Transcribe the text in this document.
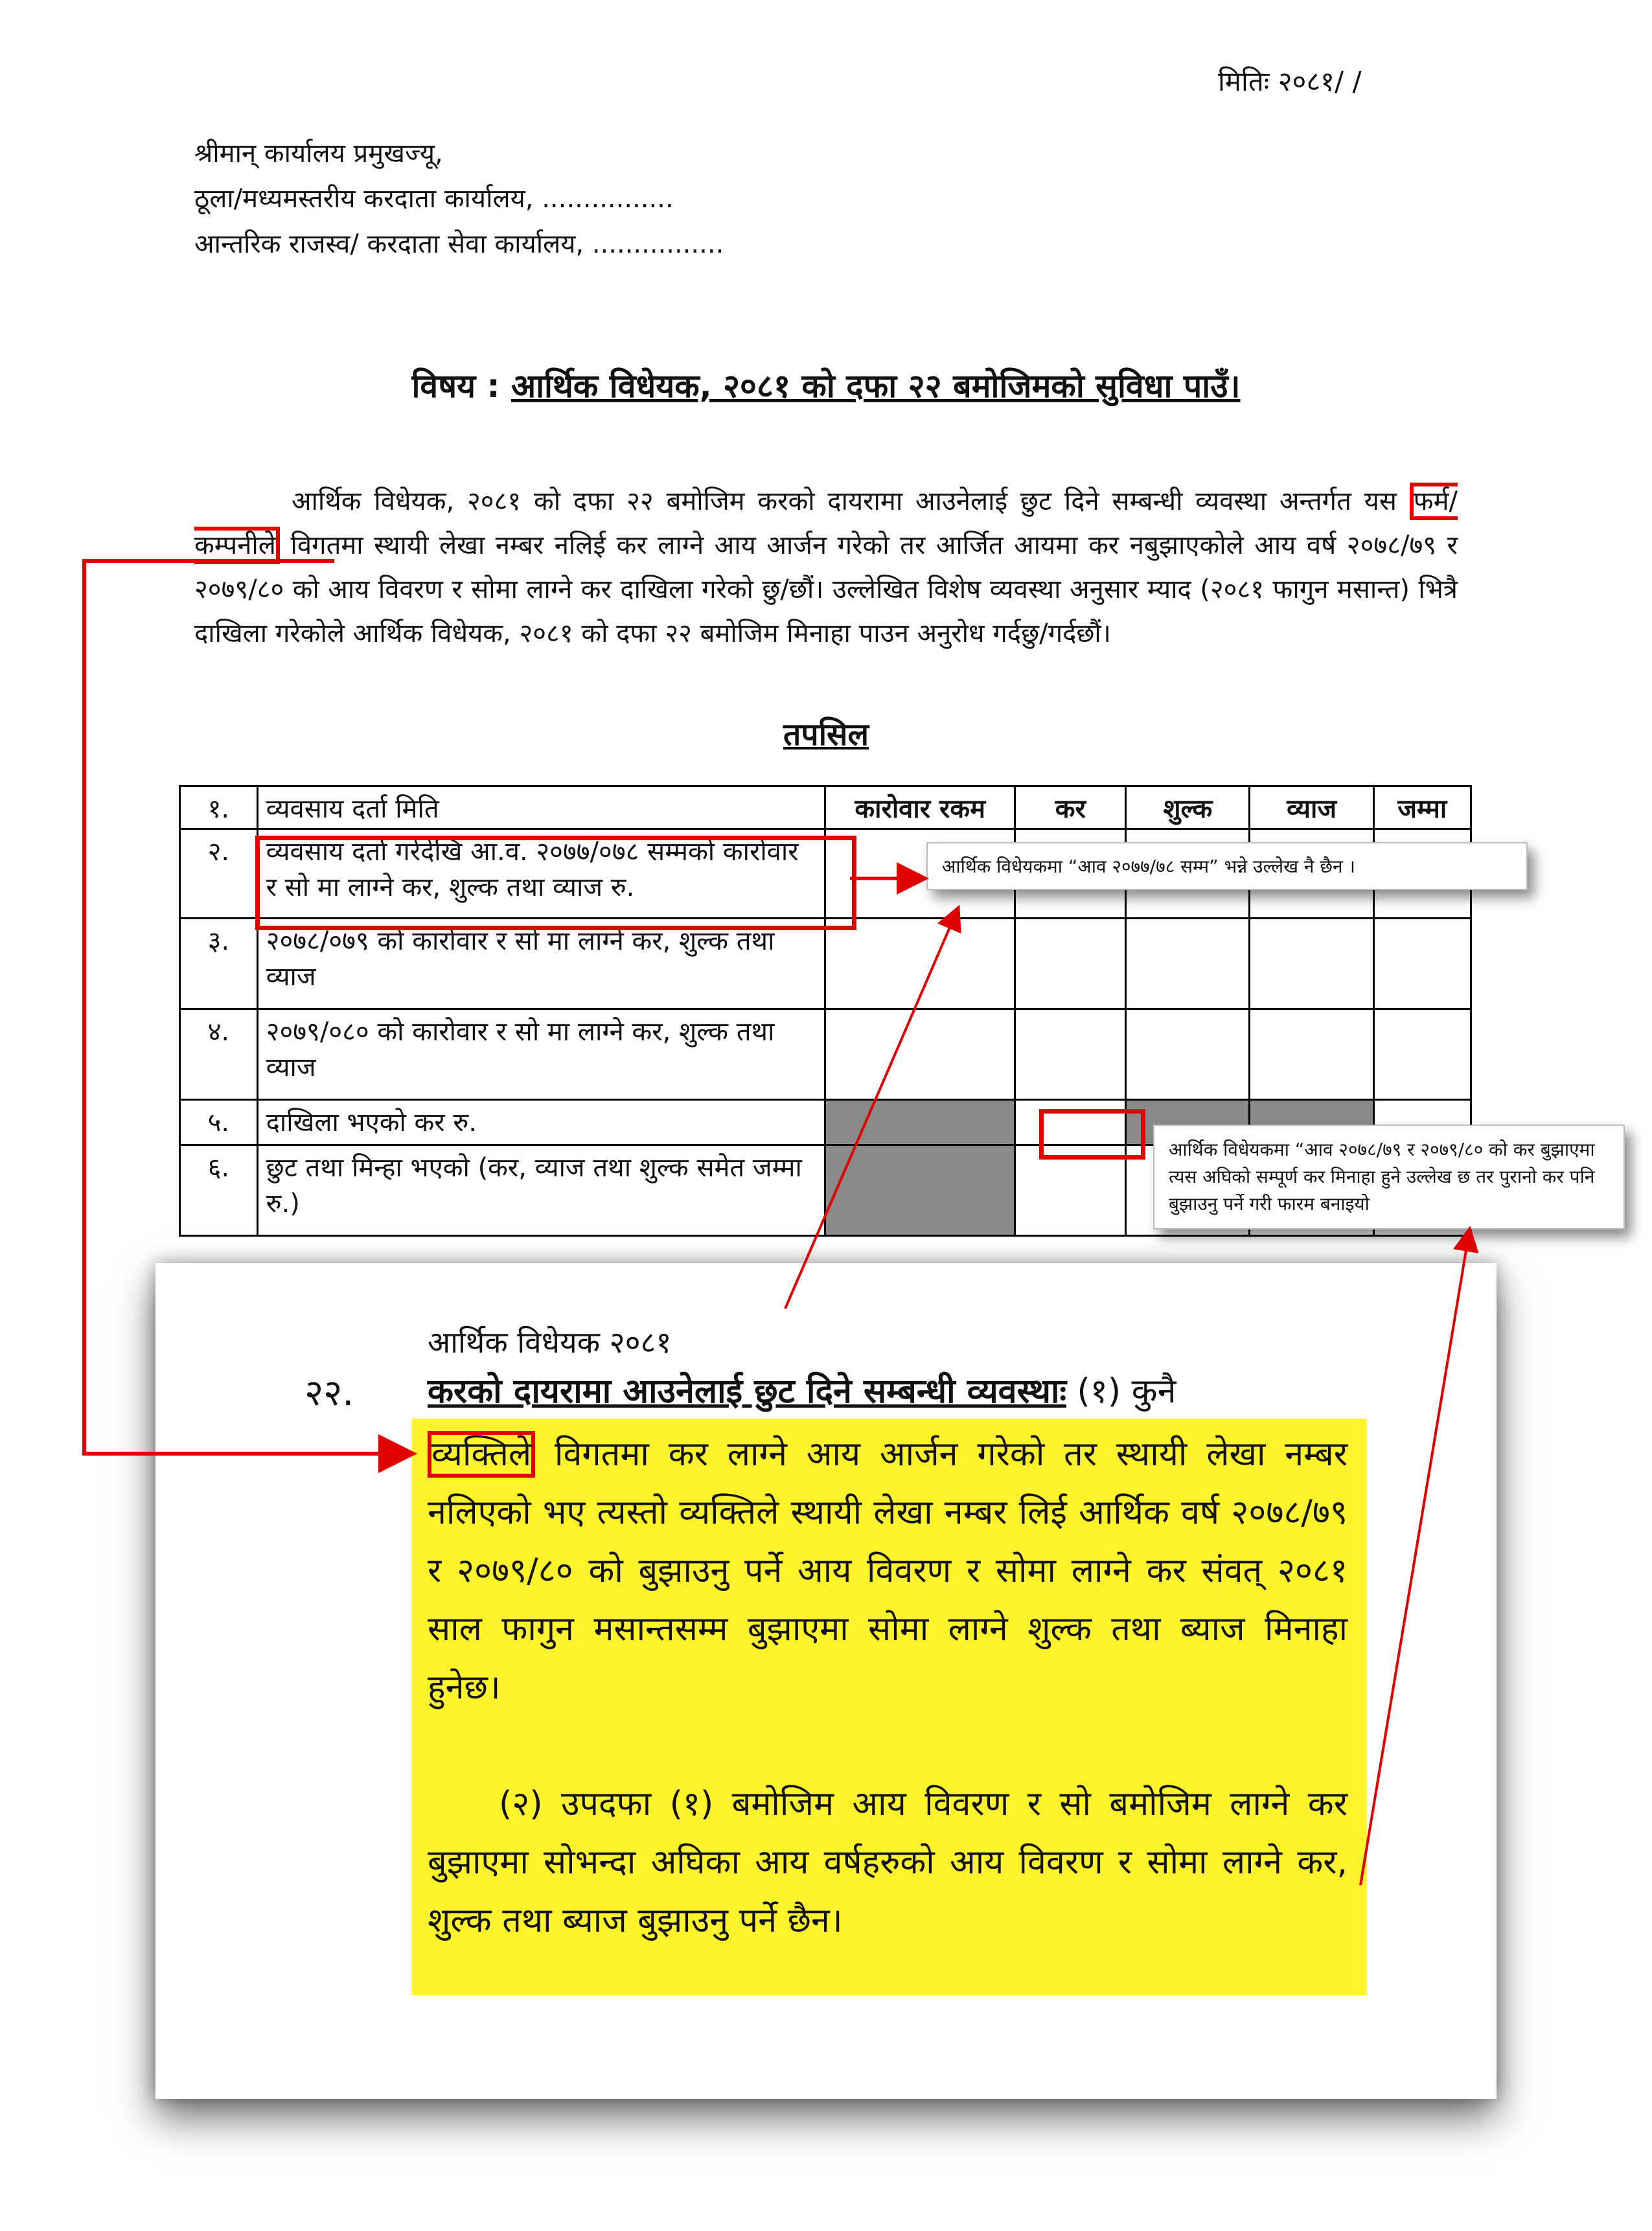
मितिः २०८१/ /
श्रीमान् कार्यालय प्रमुखज्यू,
ठूला/मध्यमस्तरीय करदाता कार्यालय, ................
आन्तरिक राजस्व/ करदाता सेवा कार्यालय, ................
विषय : आर्थिक विधेयक, २०८१ को दफा २२ बमोजिमको सुविधा पाउँ।
आर्थिक विधेयक, २०८१ को दफा २२ बमोजिम करको दायरामा आउनेलाई छुट दिने सम्बन्धी व्यवस्था अन्तर्गत यस फर्म/कम्पनीले विगतमा स्थायी लेखा नम्बर नलिई कर लाग्ने आय आर्जन गरेको तर आर्जित आयमा कर नबुझाएकोले आय वर्ष २०७८/७९ र २०७९/८० को आय विवरण र सोमा लाग्ने कर दाखिला गरेको छु/छौं। उल्लेखित विशेष व्यवस्था अनुसार म्याद (२०८१ फागुन मसान्त) भित्रै दाखिला गरेकोले आर्थिक विधेयक, २०८१ को दफा २२ बमोजिम मिनाहा पाउन अनुरोध गर्दछु/गर्दछौं।
तपसिल
१.	व्यवसाय दर्ता मिति	कारोवार रकम	कर	शुल्क	व्याज	जम्मा
२.	व्यवसाय दर्ता गरेदेखि आ.व. २०७७/०७८ सम्मको कारोवार र सो मा लाग्ने कर, शुल्क तथा व्याज रु.					
३.	२०७८/०७९ को कारोवार र सो मा लाग्ने कर, शुल्क तथा व्याज					
४.	२०७९/०८० को कारोवार र सो मा लाग्ने कर, शुल्क तथा व्याज					
५.	दाखिला भएको कर रु.					
६.	छुट तथा मिन्हा भएको (कर, व्याज तथा शुल्क समेत जम्मा रु.)					
आर्थिक विधेयकमा “आव २०७७/७८ सम्म” भन्ने उल्लेख नै छैन ।
आर्थिक विधेयकमा “आव २०७८/७९ र २०७९/८० को कर बुझाएमा त्यस अघिको सम्पूर्ण कर मिनाहा हुने उल्लेख छ तर पुरानो कर पनि बुझाउनु पर्ने गरी फारम बनाइयो
आर्थिक विधेयक २०८१
२२. करको दायरामा आउनेलाई छुट दिने सम्बन्धी व्यवस्थाः (१) कुनै
व्यक्तिले विगतमा कर लाग्ने आय आर्जन गरेको तर स्थायी लेखा नम्बर नलिएको भए त्यस्तो व्यक्तिले स्थायी लेखा नम्बर लिई आर्थिक वर्ष २०७८/७९ र २०७९/८० को बुझाउनु पर्ने आय विवरण र सोमा लाग्ने कर संवत् २०८१ साल फागुन मसान्तसम्म बुझाएमा सोमा लाग्ने शुल्क तथा ब्याज मिनाहा हुनेछ।
(२) उपदफा (१) बमोजिम आय विवरण र सो बमोजिम लाग्ने कर बुझाएमा सोभन्दा अघिका आय वर्षहरुको आय विवरण र सोमा लाग्ने कर, शुल्क तथा ब्याज बुझाउनु पर्ने छैन।
